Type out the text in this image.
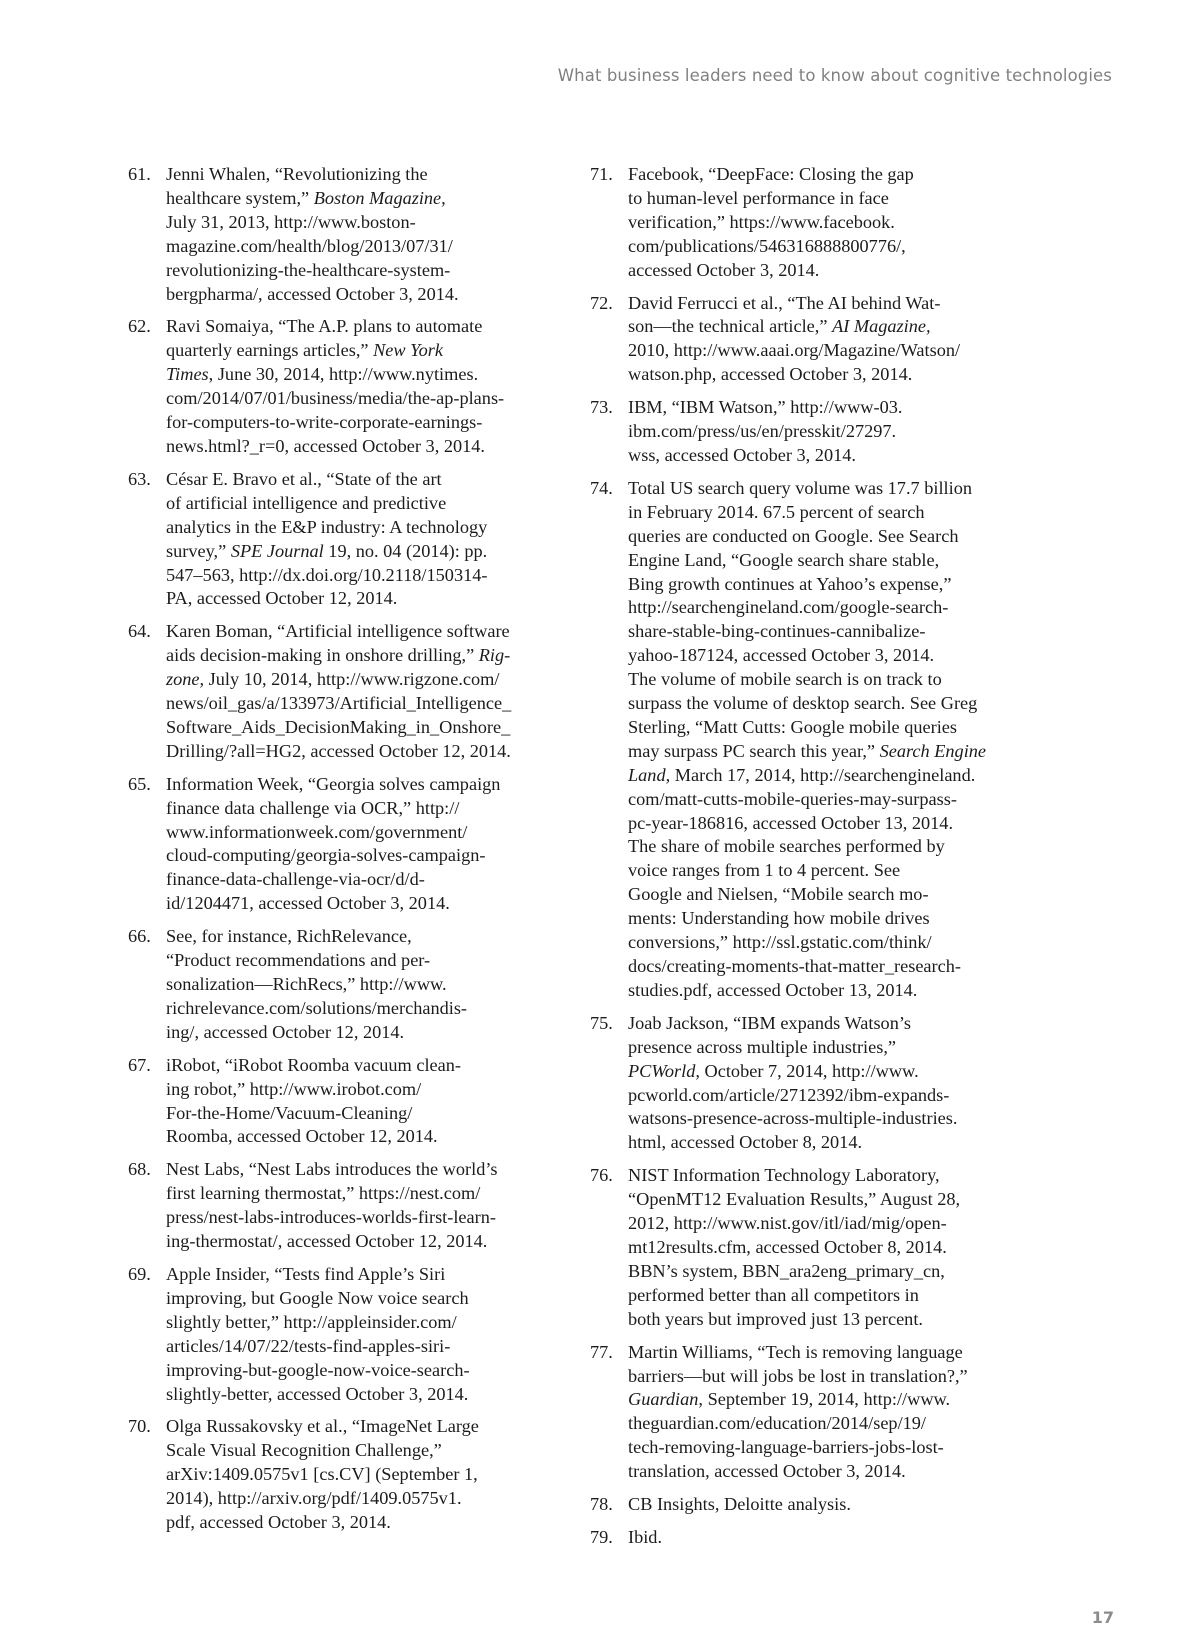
What business leaders need to know about cognitive technologies
61. Jenni Whalen, “Revolutionizing the
healthcare system,” Boston Magazine,
July 31, 2013, http://www.boston-
magazine.com/health/blog/2013/07/31/
revolutionizing-the-healthcare-system-
bergpharma/, accessed October 3, 2014.
62. Ravi Somaiya, “The A.P. plans to automate
quarterly earnings articles,” New York
Times, June 30, 2014, http://www.nytimes.
com/2014/07/01/business/media/the-ap-plans-
for-computers-to-write-corporate-earnings-
news.html?_r=0, accessed October 3, 2014.
63. César E. Bravo et al., “State of the art
of artificial intelligence and predictive
analytics in the E&P industry: A technology
survey,” SPE Journal 19, no. 04 (2014): pp.
547–563, http://dx.doi.org/10.2118/150314-
PA, accessed October 12, 2014.
64. Karen Boman, “Artificial intelligence software
aids decision-making in onshore drilling,” Rig-
zone, July 10, 2014, http://www.rigzone.com/
news/oil_gas/a/133973/Artificial_Intelligence_
Software_Aids_DecisionMaking_in_Onshore_
Drilling/?all=HG2, accessed October 12, 2014.
65. Information Week, “Georgia solves campaign
finance data challenge via OCR,” http://
www.informationweek.com/government/
cloud-computing/georgia-solves-campaign-
finance-data-challenge-via-ocr/d/d-
id/1204471, accessed October 3, 2014.
66. See, for instance, RichRelevance,
“Product recommendations and per-
sonalization—RichRecs,” http://www.
richrelevance.com/solutions/merchandis-
ing/, accessed October 12, 2014.
67. iRobot, “iRobot Roomba vacuum clean-
ing robot,” http://www.irobot.com/
For-the-Home/Vacuum-Cleaning/
Roomba, accessed October 12, 2014.
68. Nest Labs, “Nest Labs introduces the world’s
first learning thermostat,” https://nest.com/
press/nest-labs-introduces-worlds-first-learn-
ing-thermostat/, accessed October 12, 2014.
69. Apple Insider, “Tests find Apple’s Siri
improving, but Google Now voice search
slightly better,” http://appleinsider.com/
articles/14/07/22/tests-find-apples-siri-
improving-but-google-now-voice-search-
slightly-better, accessed October 3, 2014.
70. Olga Russakovsky et al., “ImageNet Large
Scale Visual Recognition Challenge,”
arXiv:1409.0575v1 [cs.CV] (September 1,
2014), http://arxiv.org/pdf/1409.0575v1.
pdf, accessed October 3, 2014.
71. Facebook, “DeepFace: Closing the gap
to human-level performance in face
verification,” https://www.facebook.
com/publications/546316888800776/,
accessed October 3, 2014.
72. David Ferrucci et al., “The AI behind Wat-
son—the technical article,” AI Magazine,
2010, http://www.aaai.org/Magazine/Watson/
watson.php, accessed October 3, 2014.
73. IBM, “IBM Watson,” http://www-03.
ibm.com/press/us/en/presskit/27297.
wss, accessed October 3, 2014.
74. Total US search query volume was 17.7 billion
in February 2014. 67.5 percent of search
queries are conducted on Google. See Search
Engine Land, “Google search share stable,
Bing growth continues at Yahoo’s expense,”
http://searchengineland.com/google-search-
share-stable-bing-continues-cannibalize-
yahoo-187124, accessed October 3, 2014.
The volume of mobile search is on track to
surpass the volume of desktop search. See Greg
Sterling, “Matt Cutts: Google mobile queries
may surpass PC search this year,” Search Engine
Land, March 17, 2014, http://searchengineland.
com/matt-cutts-mobile-queries-may-surpass-
pc-year-186816, accessed October 13, 2014.
The share of mobile searches performed by
voice ranges from 1 to 4 percent. See
Google and Nielsen, “Mobile search mo-
ments: Understanding how mobile drives
conversions,” http://ssl.gstatic.com/think/
docs/creating-moments-that-matter_research-
studies.pdf, accessed October 13, 2014.
75. Joab Jackson, “IBM expands Watson’s
presence across multiple industries,”
PCWorld, October 7, 2014, http://www.
pcworld.com/article/2712392/ibm-expands-
watsons-presence-across-multiple-industries.
html, accessed October 8, 2014.
76. NIST Information Technology Laboratory,
“OpenMT12 Evaluation Results,” August 28,
2012, http://www.nist.gov/itl/iad/mig/open-
mt12results.cfm, accessed October 8, 2014.
BBN’s system, BBN_ara2eng_primary_cn,
performed better than all competitors in
both years but improved just 13 percent.
77. Martin Williams, “Tech is removing language
barriers—but will jobs be lost in translation?,”
Guardian, September 19, 2014, http://www.
theguardian.com/education/2014/sep/19/
tech-removing-language-barriers-jobs-lost-
translation, accessed October 3, 2014.
78. CB Insights, Deloitte analysis.
79. Ibid.
17
